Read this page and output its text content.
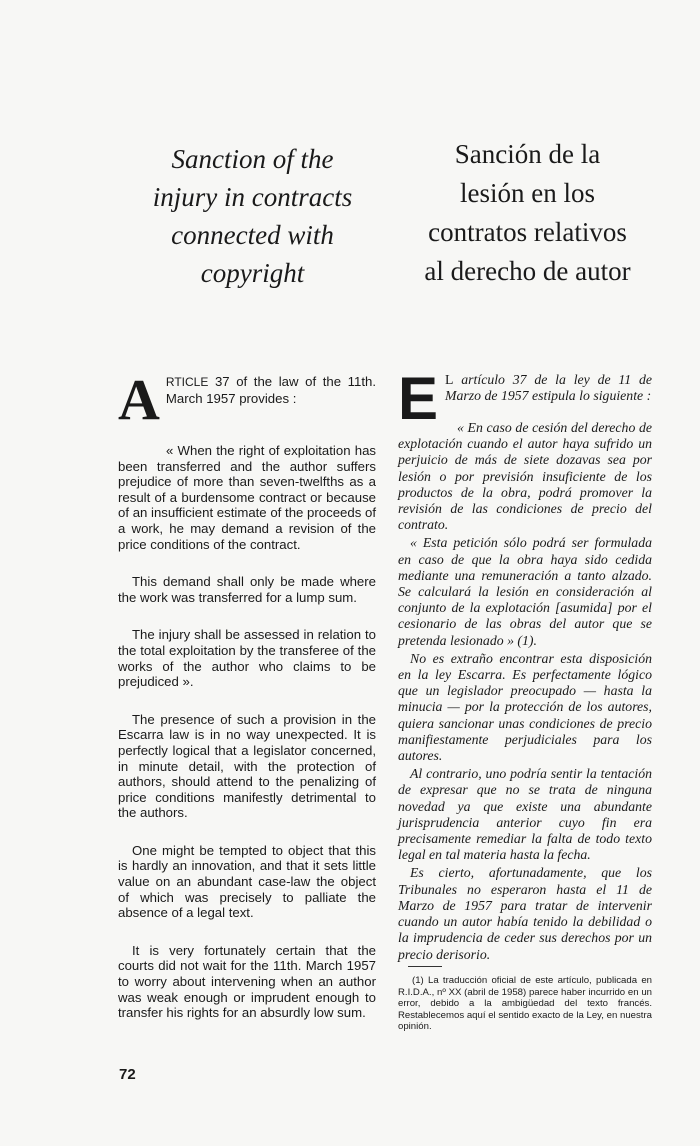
Sanction of the
injury in contracts
connected with
copyright
Sanción de la
lesión en los
contratos relativos
al derecho de autor

ARTICLE 37 of the law of the 11th. March 1957 provides :

« When the right of exploitation has been transferred and the author suffers prejudice of more than seven-twelfths as a result of a burdensome contract or because of an insufficient estimate of the proceeds of a work, he may demand a revision of the price conditions of the contract.

This demand shall only be made where the work was transferred for a lump sum.

The injury shall be assessed in relation to the total exploitation by the transferee of the works of the author who claims to be prejudiced ».

The presence of such a provision in the Escarra law is in no way unexpected. It is perfectly logical that a legislator concerned, in minute detail, with the protection of authors, should attend to the penalizing of price conditions manifestly detrimental to the authors.

One might be tempted to object that this is hardly an innovation, and that it sets little value on an abundant case-law the object of which was precisely to palliate the absence of a legal text.

It is very fortunately certain that the courts did not wait for the 11th. March 1957 to worry about intervening when an author was weak enough or imprudent enough to transfer his rights for an absurdly low sum.

E L artículo 37 de la ley de 11 de Marzo de 1957 estipula lo siguiente :

« En caso de cesión del derecho de explotación cuando el autor haya sufrido un perjuicio de más de siete dozavas sea por lesión o por previsión insuficiente de los productos de la obra, podrá promover la revisión de las condiciones de precio del contrato.

« Esta petición sólo podrá ser formulada en caso de que la obra haya sido cedida mediante una remuneración a tanto alzado. Se calculará la lesión en consideración al conjunto de la explotación [asumida] por el cesionario de las obras del autor que se pretenda lesionado » (1).

No es extraño encontrar esta disposición en la ley Escarra. Es perfectamente lógico que un legislador preocupado — hasta la minucia — por la protección de los autores, quiera sancionar unas condiciones de precio manifiestamente perjudiciales para los autores.

Al contrario, uno podría sentir la tentación de expresar que no se trata de ninguna novedad ya que existe una abundante jurisprudencia anterior cuyo fin era precisamente remediar la falta de todo texto legal en tal materia hasta la fecha.

Es cierto, afortunadamente, que los Tribunales no esperaron hasta el 11 de Marzo de 1957 para tratar de intervenir cuando un autor había tenido la debilidad o la imprudencia de ceder sus derechos por un precio derisorio.

(1) La traducción oficial de este artículo, publicada en R.I.D.A., nº XX (abril de 1958) parece haber incurrido en un error, debido a la ambigüedad del texto francés. Restablecemos aquí el sentido exacto de la Ley, en nuestra opinión.

72
